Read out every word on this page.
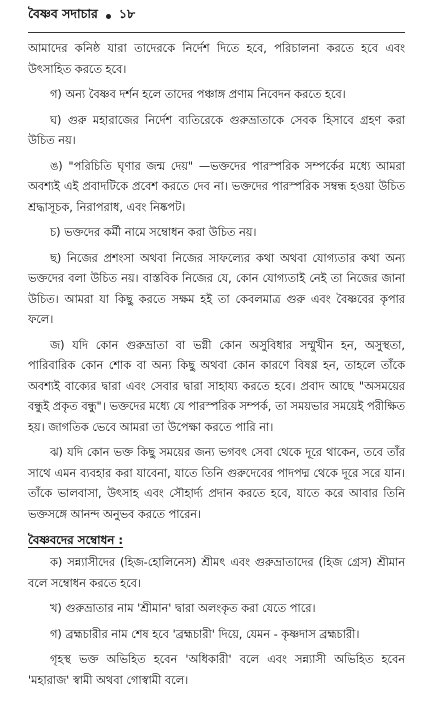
বৈষ্ণব সদাচার ১৮

আমাদের কনিষ্ঠ যারা তাদেরকে নির্দেশ দিতে হবে, পরিচালনা করতে হবে এবং উৎসাহিত করতে হবে।

গ) অন্য বৈষ্ণব দর্শন হলে তাদের পঞ্চাঙ্গ প্রণাম নিবেদন করতে হবে।

ঘ) গুরু মহারাজের নির্দেশ ব্যতিরেকে গুরুভ্রাতাকে সেবক হিসাবে গ্রহণ করা উচিত নয়।

ঙ) "পরিচিতি ঘৃণার জন্ম দেয়" —ভক্তদের পারস্পরিক সম্পর্কের মধ্যে আমরা অবশ্যই এই প্রবাদটিকে প্রবেশ করতে দেব না। ভক্তদের পারস্পরিক সম্বন্ধ হওয়া উচিত শ্রদ্ধাসূচক, নিরাপরাধ, এবং নিষ্কপট।

চ) ভক্তদের কর্মী নামে সম্বোধন করা উচিত নয়।

ছ) নিজের প্রশংসা অথবা নিজের সাফল্যের কথা অথবা যোগ্যতার কথা অন্য ভক্তদের বলা উচিত নয়। বাস্তবিক নিজের যে, কোন যোগ্যতাই নেই তা নিজের জানা উচিত। আমরা যা কিছু করতে সক্ষম হই তা কেবলমাত্র গুরু এবং বৈষ্ণবের কৃপার ফলে।

জ) যদি কোন গুরুভ্রাতা বা ভগ্নী কোন অসুবিধার সম্মুখীন হন, অসুস্থতা, পারিবারিক কোন শোক বা অন্য কিছু অথবা কোন কারণে বিষণ্ণ হন, তাহলে তাঁকে অবশ্যই বাক্যের দ্বারা এবং সেবার দ্বারা সাহায্য করতে হবে। প্রবাদ আছে "অসময়ের বন্ধুই প্রকৃত বন্ধু"। ভক্তদের মধ্যে যে পারস্পরিক সম্পর্ক, তা সময়ভার সময়েই পরীক্ষিত হয়। জাগতিক ভেবে আমরা তা উপেক্ষা করতে পারি না।

ঝ) যদি কোন ভক্ত কিছু সময়ের জন্য ভগবৎ সেবা থেকে দূরে থাকেন, তবে তাঁর সাথে এমন ব্যবহার করা যাবেনা, যাতে তিনি গুরুদেবের পাদপদ্ম থেকে দূরে সরে যান। তাঁকে ভালবাসা, উৎসাহ এবং সৌহার্দ্য প্রদান করতে হবে, যাতে করে আবার তিনি ভক্তসঙ্গে আনন্দ অনুভব করতে পারেন।

বৈষ্ণবদের সম্বোধন :

ক) সন্ন্যাসীদের (হিজ-হোলিনেস) শ্রীমৎ এবং গুরুভ্রাতাদের (হিজ গ্রেস) শ্রীমান বলে সম্বোধন করতে হবে।

খ) গুরুভ্রাতার নাম 'শ্রীমান' দ্বারা অলংকৃত করা যেতে পারে।

গ) ব্রহ্মচারীর নাম শেষ হবে 'ব্রহ্মচারী' দিয়ে, যেমন - কৃষ্ণদাস ব্রহ্মচারী।

গৃহস্থ ভক্ত অভিহিত হবেন 'অধিকারী' বলে এবং সন্ন্যাসী অভিহিত হবেন 'মহারাজ' স্বামী অথবা গোস্বামী বলে।
